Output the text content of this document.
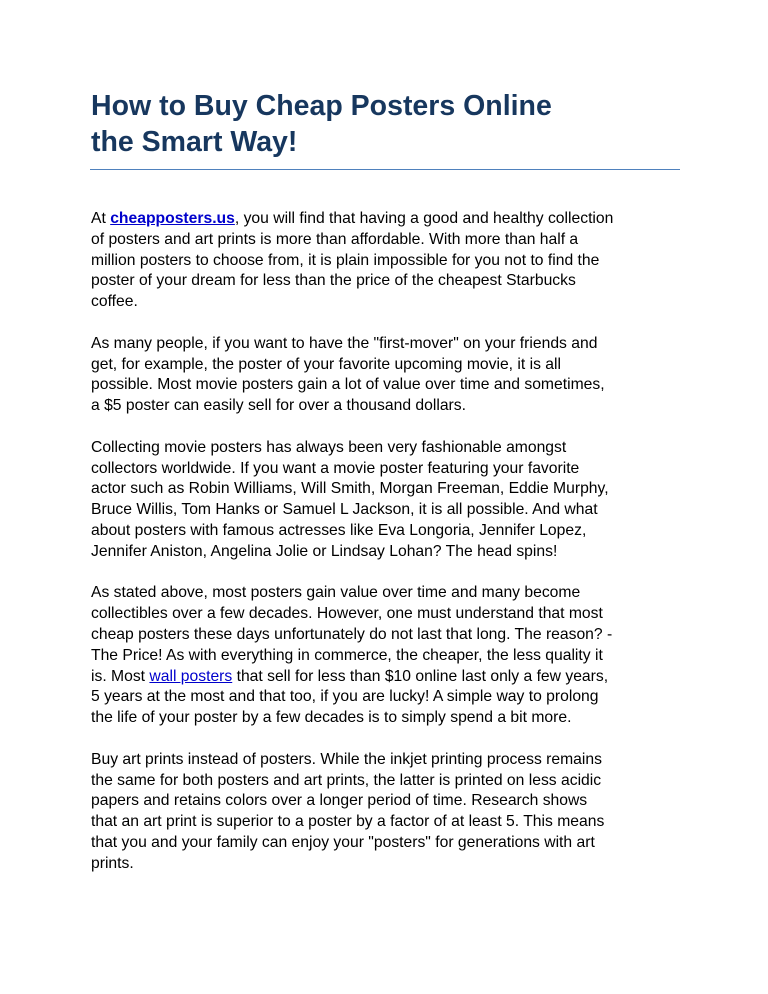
How to Buy Cheap Posters Online
the Smart Way!

At cheapposters.us, you will find that having a good and healthy collection
of posters and art prints is more than affordable. With more than half a
million posters to choose from, it is plain impossible for you not to find the
poster of your dream for less than the price of the cheapest Starbucks
coffee.

As many people, if you want to have the "first-mover" on your friends and
get, for example, the poster of your favorite upcoming movie, it is all
possible. Most movie posters gain a lot of value over time and sometimes,
a $5 poster can easily sell for over a thousand dollars.

Collecting movie posters has always been very fashionable amongst
collectors worldwide. If you want a movie poster featuring your favorite
actor such as Robin Williams, Will Smith, Morgan Freeman, Eddie Murphy,
Bruce Willis, Tom Hanks or Samuel L Jackson, it is all possible. And what
about posters with famous actresses like Eva Longoria, Jennifer Lopez,
Jennifer Aniston, Angelina Jolie or Lindsay Lohan? The head spins!

As stated above, most posters gain value over time and many become
collectibles over a few decades. However, one must understand that most
cheap posters these days unfortunately do not last that long. The reason? -
The Price! As with everything in commerce, the cheaper, the less quality it
is. Most wall posters that sell for less than $10 online last only a few years,
5 years at the most and that too, if you are lucky! A simple way to prolong
the life of your poster by a few decades is to simply spend a bit more.

Buy art prints instead of posters. While the inkjet printing process remains
the same for both posters and art prints, the latter is printed on less acidic
papers and retains colors over a longer period of time. Research shows
that an art print is superior to a poster by a factor of at least 5. This means
that you and your family can enjoy your "posters" for generations with art
prints.
